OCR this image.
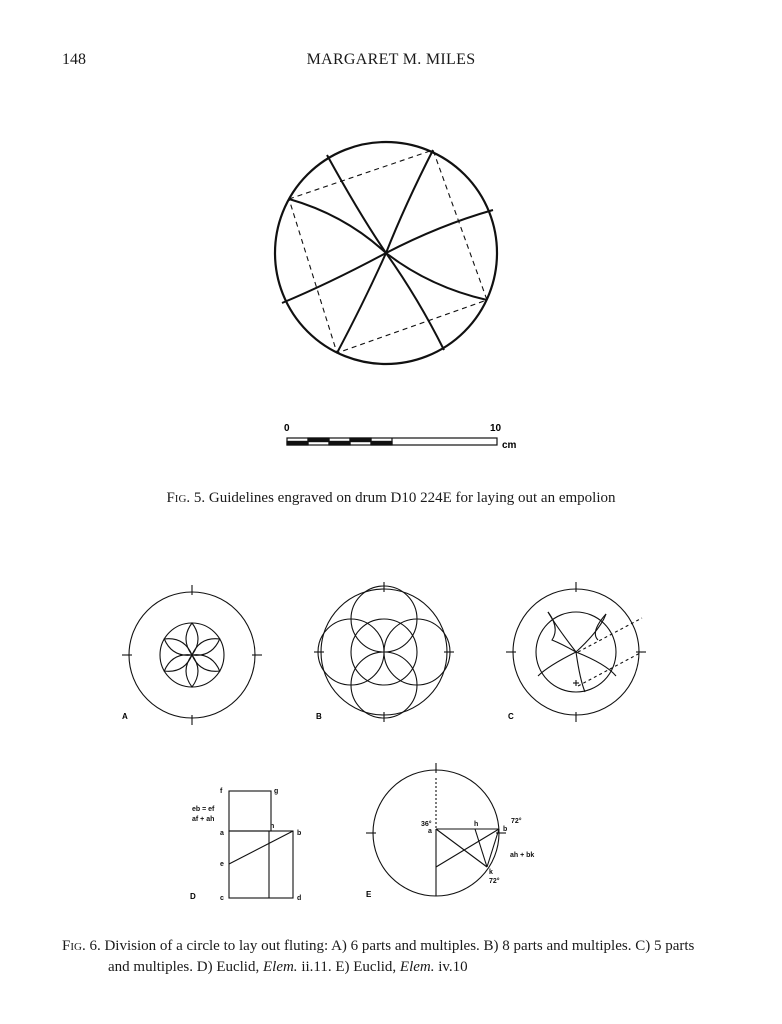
148	MARGARET M. MILES
0	10
cm
A	B	C
f	g
a
h
b
e
c	d
eb = ef
af + ah
D
a
h
b
k
36°	72°
72°
ah + bk
E
Fig. 5. Guidelines engraved on drum D10 224E for laying out an empolion
Fig. 6. Division of a circle to lay out fluting: A) 6 parts and multiples. B) 8 parts and multiples. C) 5 parts
and multiples. D) Euclid, Elem. ii.11. E) Euclid, Elem. iv.10
